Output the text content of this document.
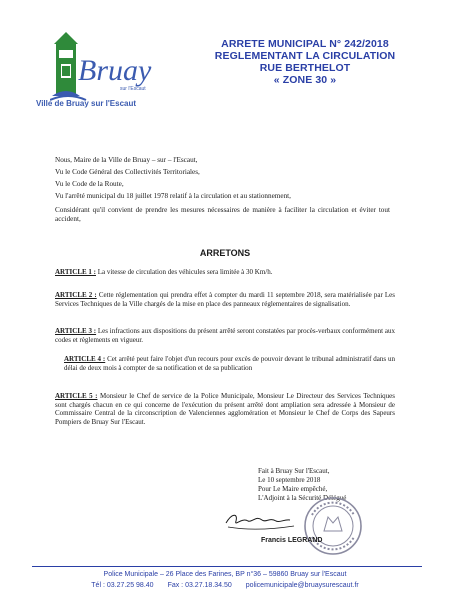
Bruay
sur l'Escaut
Ville de Bruay sur l'Escaut
ARRETE MUNICIPAL N° 242/2018
REGLEMENTANT LA CIRCULATION
RUE BERTHELOT
« ZONE 30 »
Nous, Maire de la Ville de Bruay – sur – l'Escaut,
Vu le Code Général des Collectivités Territoriales,
Vu le Code de la Route,
Vu l'arrêté municipal du 18 juillet 1978 relatif à la circulation et au stationnement,
Considérant qu'il convient de prendre les mesures nécessaires de manière à faciliter la circulation et éviter tout accident,
ARRETONS
ARTICLE 1 : La vitesse de circulation des véhicules sera limitée à 30 Km/h.
ARTICLE 2 : Cette réglementation qui prendra effet à compter du mardi 11 septembre 2018, sera matérialisée par Les Services Techniques de la Ville chargés de la mise en place des panneaux réglementaires de signalisation.
ARTICLE 3 : Les infractions aux dispositions du présent arrêté seront constatées par procès-verbaux conformément aux codes et règlements en vigueur.
ARTICLE 4 : Cet arrêté peut faire l'objet d'un recours pour excès de pouvoir devant le tribunal administratif dans un délai de deux mois à compter de sa notification et de sa publication
ARTICLE 5 : Monsieur le Chef de service de la Police Municipale, Monsieur Le Directeur des Services Techniques sont chargés chacun en ce qui concerne de l'exécution du présent arrêté dont ampliation sera adressée à Monsieur de Commissaire Central de la circonscription de Valenciennes agglomération et Monsieur le Chef de Corps des Sapeurs Pompiers de Bruay Sur l'Escaut.
Fait à Bruay Sur l'Escaut,
Le 10 septembre 2018
Pour Le Maire empêché,
L'Adjoint à la Sécurité Délégué
Francis LEGRAND
Police Municipale – 26 Place des Farines, BP n°36 – 59860 Bruay sur l'Escaut
Tél : 03.27.25 98.40 Fax : 03.27.18.34.50 policemunicipale@bruaysurescaut.fr
